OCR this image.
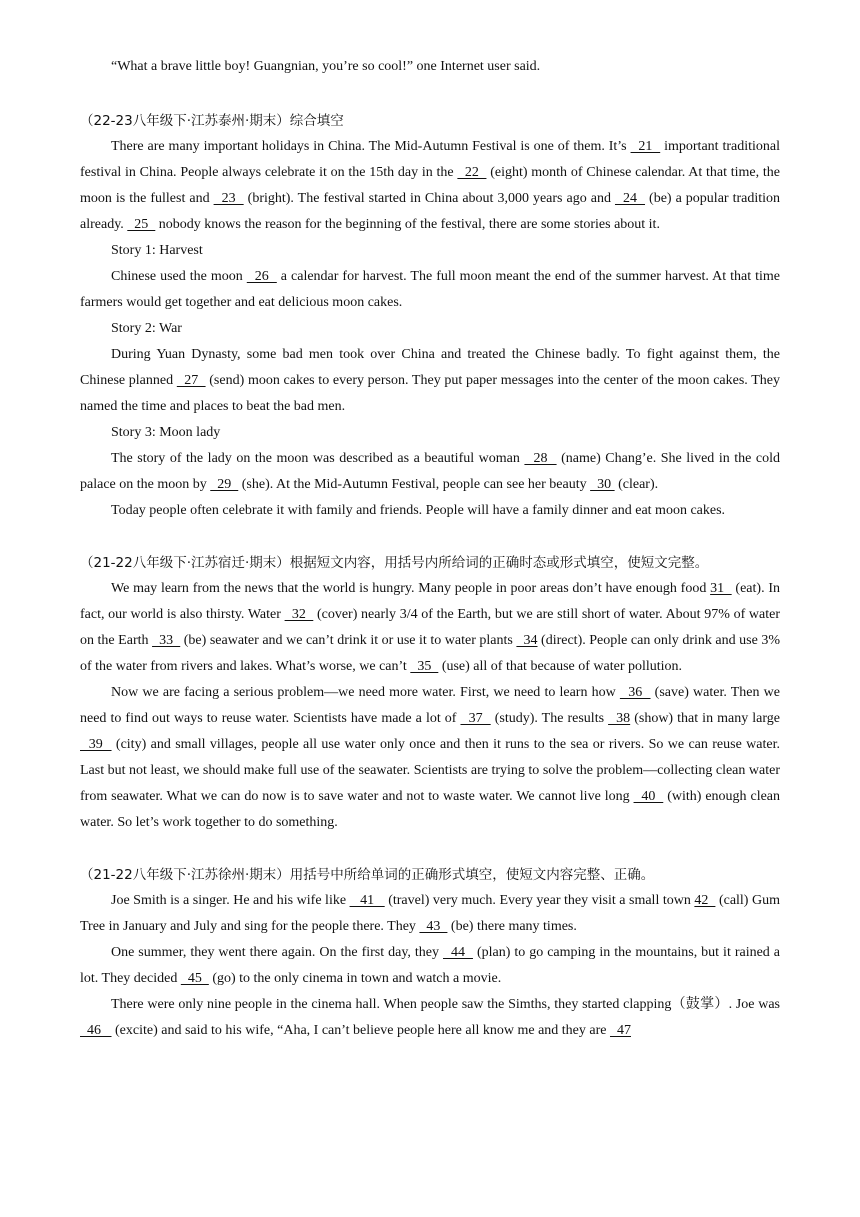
“What a brave little boy! Guangnian, you’re so cool!” one Internet user said.

（22-23八年级下·江苏泰州·期末）综合填空

There are many important holidays in China. The Mid-Autumn Festival is one of them. It’s   21   important traditional festival in China. People always celebrate it on the 15th day in the   22   (eight) month of Chinese calendar. At that time, the moon is the fullest and   23   (bright). The festival started in China about 3,000 years ago and   24   (be) a popular tradition already.   25   nobody knows the reason for the beginning of the festival, there are some stories about it.

Story 1: Harvest

Chinese used the moon   26   a calendar for harvest. The full moon meant the end of the summer harvest. At that time farmers would get together and eat delicious moon cakes.

Story 2: War

During Yuan Dynasty, some bad men took over China and treated the Chinese badly. To fight against them, the Chinese planned   27   (send) moon cakes to every person. They put paper messages into the center of the moon cakes. They named the time and places to beat the bad men.

Story 3: Moon lady

The story of the lady on the moon was described as a beautiful woman   28   (name) Chang’e. She lived in the cold palace on the moon by   29   (she). At the Mid-Autumn Festival, people can see her beauty   30  (clear).

Today people often celebrate it with family and friends. People will have a family dinner and eat moon cakes.

（21-22八年级下·江苏宿迁·期末）根据短文内容，用括号内所给词的正确时态或形式填空，使短文完整。

We may learn from the news that the world is hungry. Many people in poor areas don’t have enough food 31   (eat). In fact, our world is also thirsty. Water   32   (cover) nearly 3/4 of the Earth, but we are still short of water. About 97% of water on the Earth   33   (be) seawater and we can’t drink it or use it to water plants   34 (direct). People can only drink and use 3% of the water from rivers and lakes. What’s worse, we can’t   35   (use) all of that because of water pollution.

Now we are facing a serious problem—we need more water. First, we need to learn how   36   (save) water. Then we need to find out ways to reuse water. Scientists have made a lot of   37   (study). The results   38 (show) that in many large   39   (city) and small villages, people all use water only once and then it runs to the sea or rivers. So we can reuse water. Last but not least, we should make full use of the seawater. Scientists are trying to solve the problem—collecting clean water from seawater. What we can do now is to save water and not to waste water. We cannot live long   40   (with) enough clean water. So let’s work together to do something.

（21-22八年级下·江苏徐州·期末）用括号中所给单词的正确形式填空，使短文内容完整、正确。

Joe Smith is a singer. He and his wife like    41    (travel) very much. Every year they visit a small town 42   (call) Gum Tree in January and July and sing for the people there. They   43   (be) there many times.

One summer, they went there again. On the first day, they   44   (plan) to go camping in the mountains, but it rained a lot. They decided   45   (go) to the only cinema in town and watch a movie.

There were only nine people in the cinema hall. When people saw the Simths, they started clapping（鼓掌）. Joe was   46    (excite) and said to his wife, “Aha, I can’t believe people here all know me and they are   47
